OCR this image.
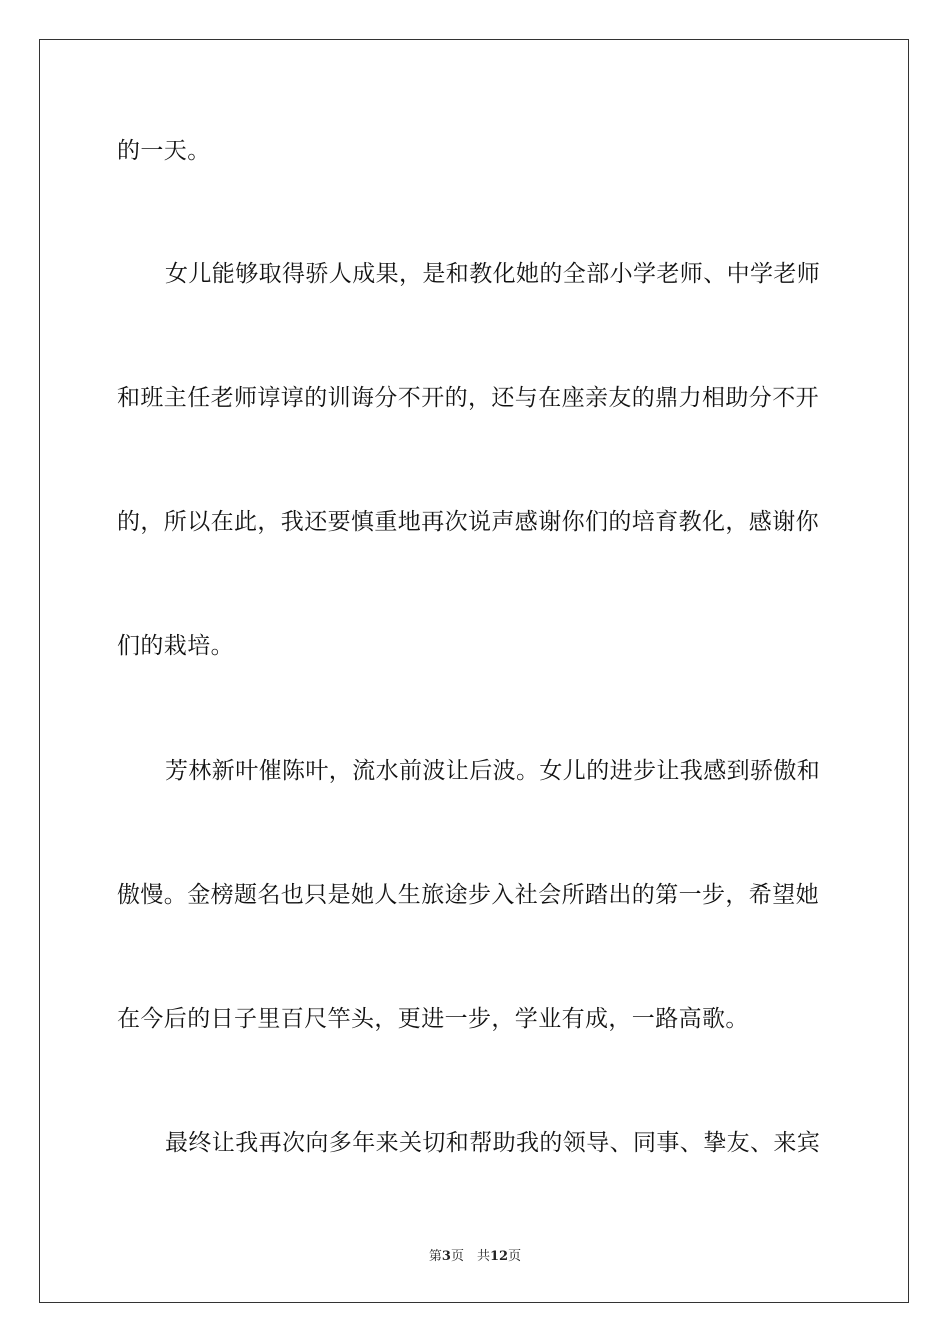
的一天。
女儿能够取得骄人成果，是和教化她的全部小学老师、中学老师
和班主任老师谆谆的训诲分不开的，还与在座亲友的鼎力相助分不开
的，所以在此，我还要慎重地再次说声感谢你们的培育教化，感谢你
们的栽培。
芳林新叶催陈叶，流水前波让后波。女儿的进步让我感到骄傲和
傲慢。金榜题名也只是她人生旅途步入社会所踏出的第一步，希望她
在今后的日子里百尺竿头，更进一步，学业有成，一路高歌。
最终让我再次向多年来关切和帮助我的领导、同事、挚友、来宾
第3页　共12页
